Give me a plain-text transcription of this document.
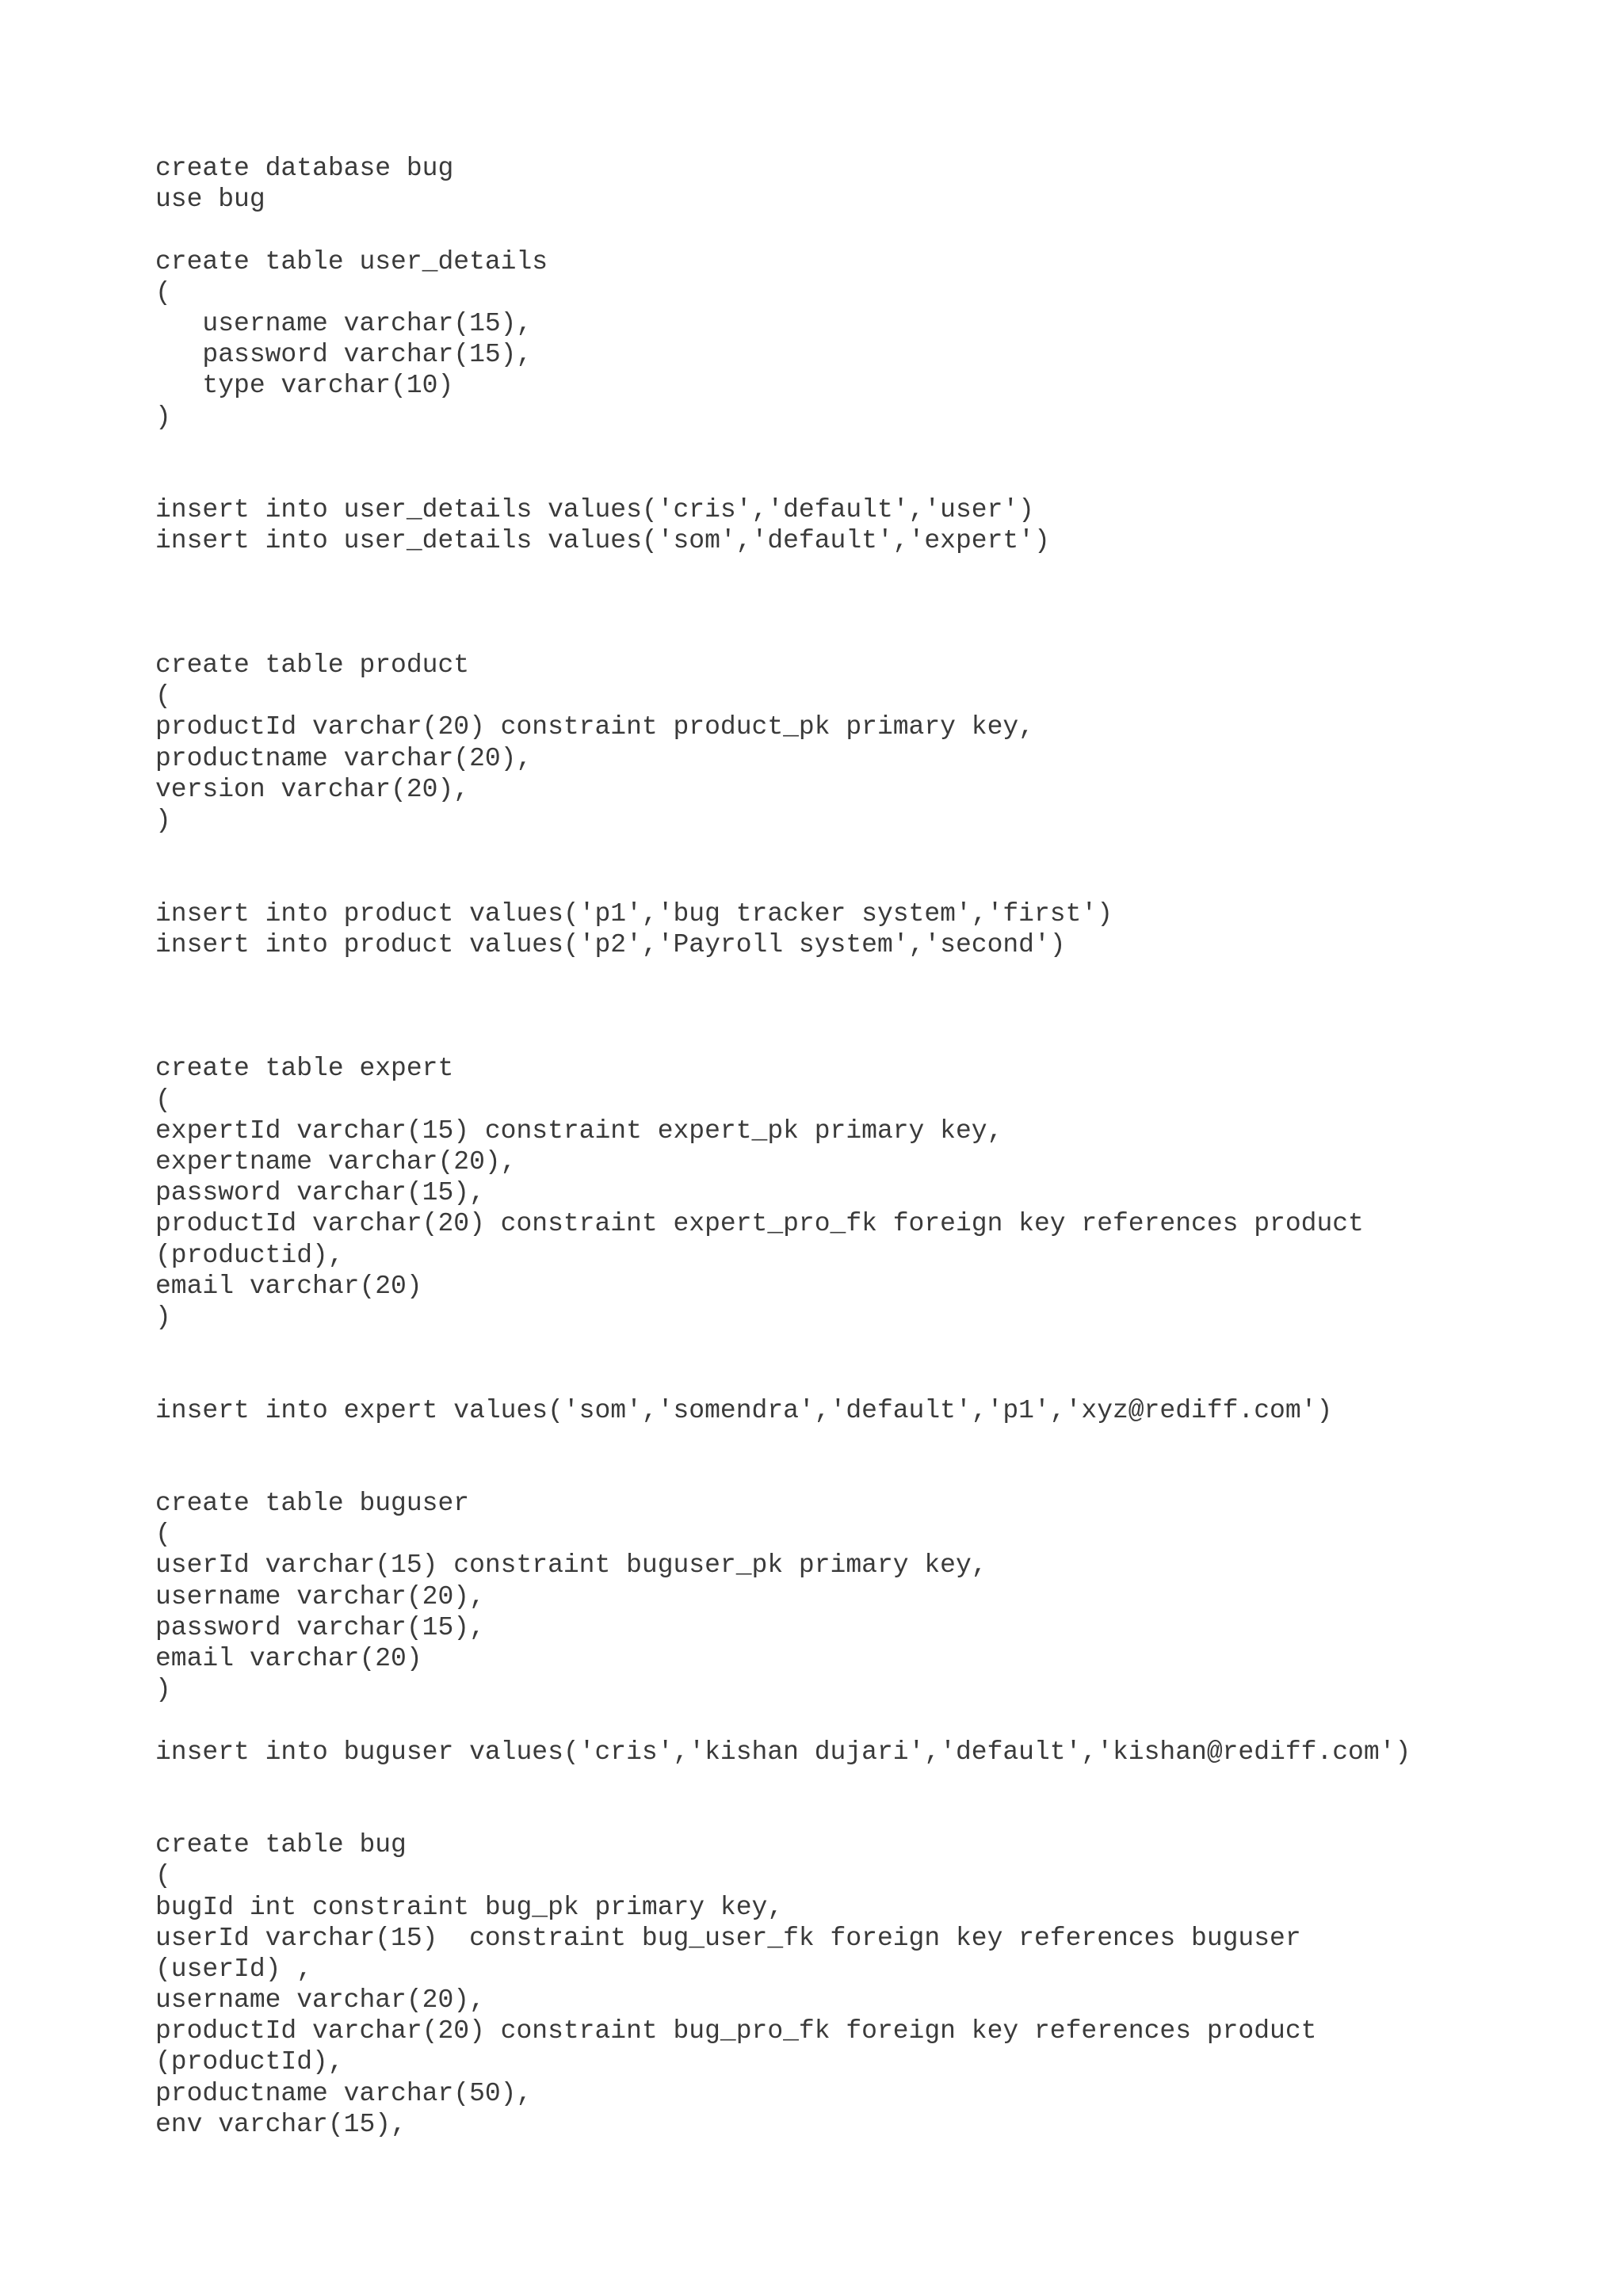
create database bug
use bug
create table user_details
(
username varchar(15),
password varchar(15),
type varchar(10)
)
insert into user_details values('cris','default','user')
insert into user_details values('som','default','expert')
create table product
(
productId varchar(20) constraint product_pk primary key,
productname varchar(20),
version varchar(20),
)
insert into product values('p1','bug tracker system','first')
insert into product values('p2','Payroll system','second')
create table expert
(
expertId varchar(15) constraint expert_pk primary key,
expertname varchar(20),
password varchar(15),
productId varchar(20) constraint expert_pro_fk foreign key references product
(productid),
email varchar(20)
)
insert into expert values('som','somendra','default','p1','xyz@rediff.com')
create table buguser
(
userId varchar(15) constraint buguser_pk primary key,
username varchar(20),
password varchar(15),
email varchar(20)
)
insert into buguser values('cris','kishan dujari','default','kishan@rediff.com')
create table bug
(
bugId int constraint bug_pk primary key,
userId varchar(15)  constraint bug_user_fk foreign key references buguser
(userId) ,
username varchar(20),
productId varchar(20) constraint bug_pro_fk foreign key references product
(productId),
productname varchar(50),
env varchar(15),
